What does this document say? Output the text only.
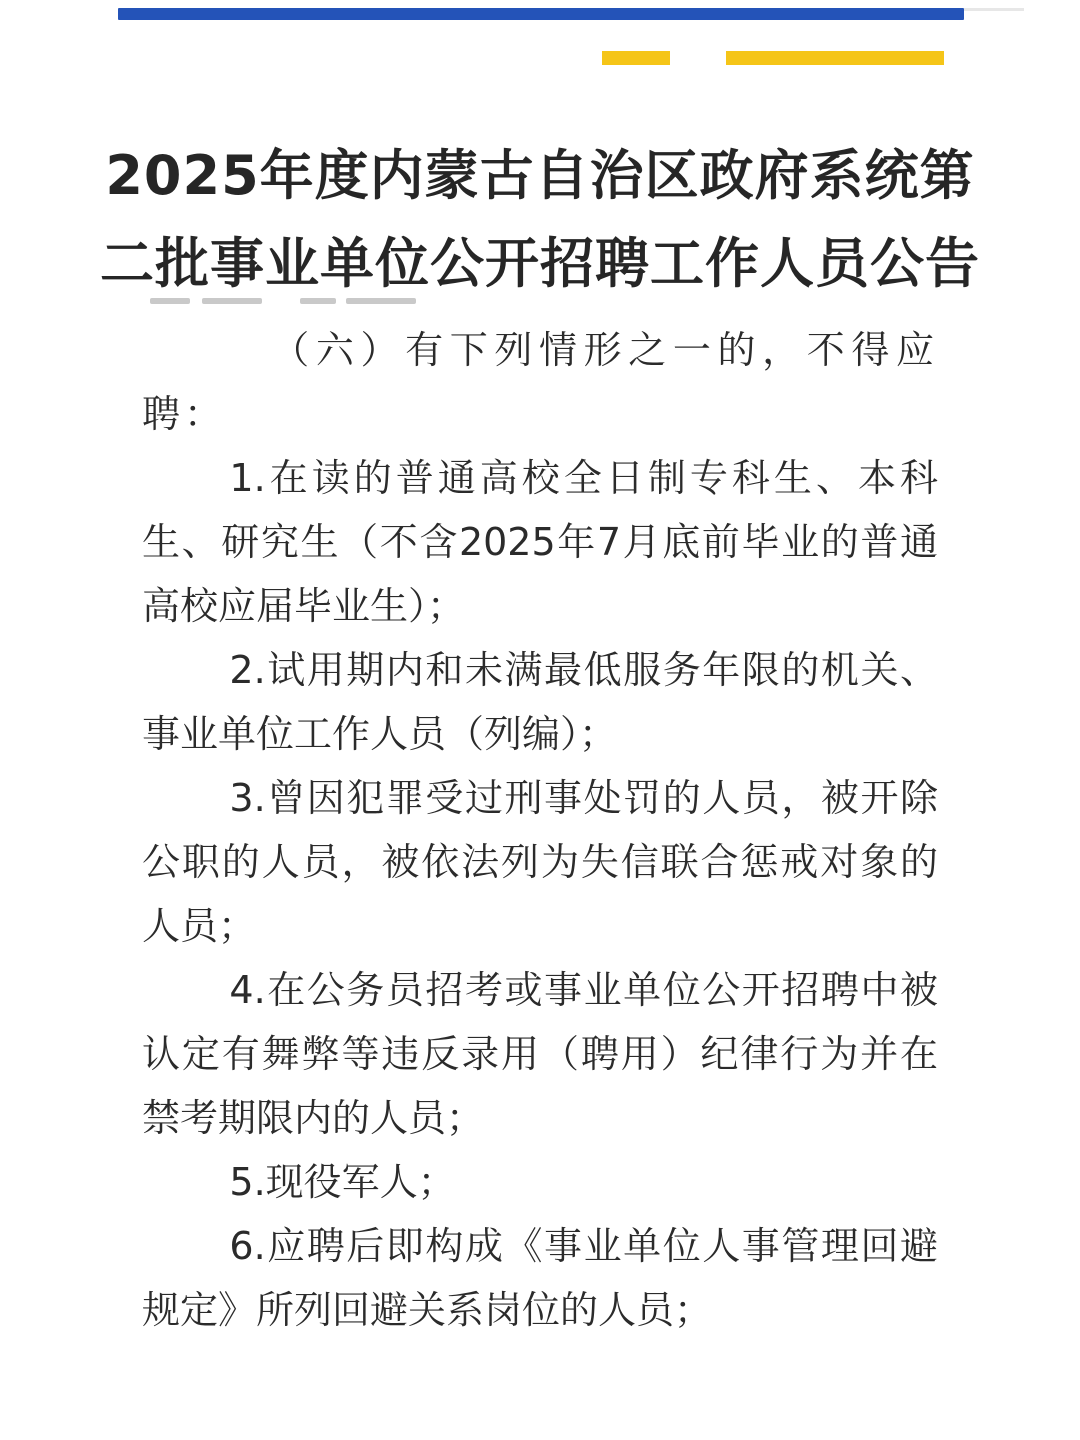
2025年度内蒙古自治区政府系统第
二批事业单位公开招聘工作人员公告

（六）有下列情形之一的，不得应聘：

1.在读的普通高校全日制专科生、本科生、研究生（不含2025年7月底前毕业的普通高校应届毕业生）；

2.试用期内和未满最低服务年限的机关、事业单位工作人员（列编）；

3.曾因犯罪受过刑事处罚的人员，被开除公职的人员，被依法列为失信联合惩戒对象的人员；

4.在公务员招考或事业单位公开招聘中被认定有舞弊等违反录用（聘用）纪律行为并在禁考期限内的人员；

5.现役军人；

6.应聘后即构成《事业单位人事管理回避规定》所列回避关系岗位的人员；
